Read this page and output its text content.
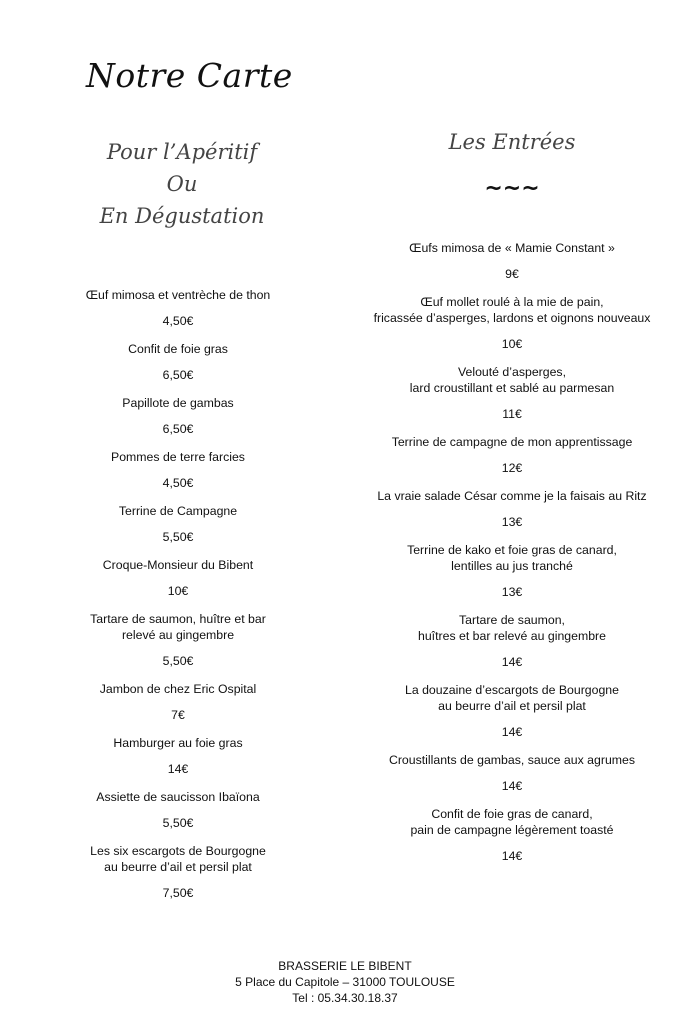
Notre Carte
Pour l’Apéritif
Ou
En Dégustation
Les Entrées
~~~
Œuf mimosa et ventrèche de thon
4,50€
Confit de foie gras
6,50€
Papillote de gambas
6,50€
Pommes de terre farcies
4,50€
Terrine de Campagne
5,50€
Croque-Monsieur du Bibent
10€
Tartare de saumon, huître et bar
relevé au gingembre
5,50€
Jambon de chez Eric Ospital
7€
Hamburger au foie gras
14€
Assiette de saucisson Ibaïona
5,50€
Les six escargots de Bourgogne
au beurre d’ail et persil plat
7,50€
Œufs mimosa de « Mamie Constant »
9€
Œuf mollet roulé à la mie de pain,
fricassée d’asperges, lardons et oignons nouveaux
10€
Velouté d’asperges,
lard croustillant et sablé au parmesan
11€
Terrine de campagne de mon apprentissage
12€
La vraie salade César comme je la faisais au Ritz
13€
Terrine de kako et foie gras de canard,
lentilles au jus tranché
13€
Tartare de saumon,
huîtres et bar relevé au gingembre
14€
La douzaine d’escargots de Bourgogne
au beurre d’ail et persil plat
14€
Croustillants de gambas, sauce aux agrumes
14€
Confit de foie gras de canard,
pain de campagne légèrement toasté
14€
BRASSERIE LE BIBENT
5 Place du Capitole – 31000 TOULOUSE
Tel : 05.34.30.18.37
